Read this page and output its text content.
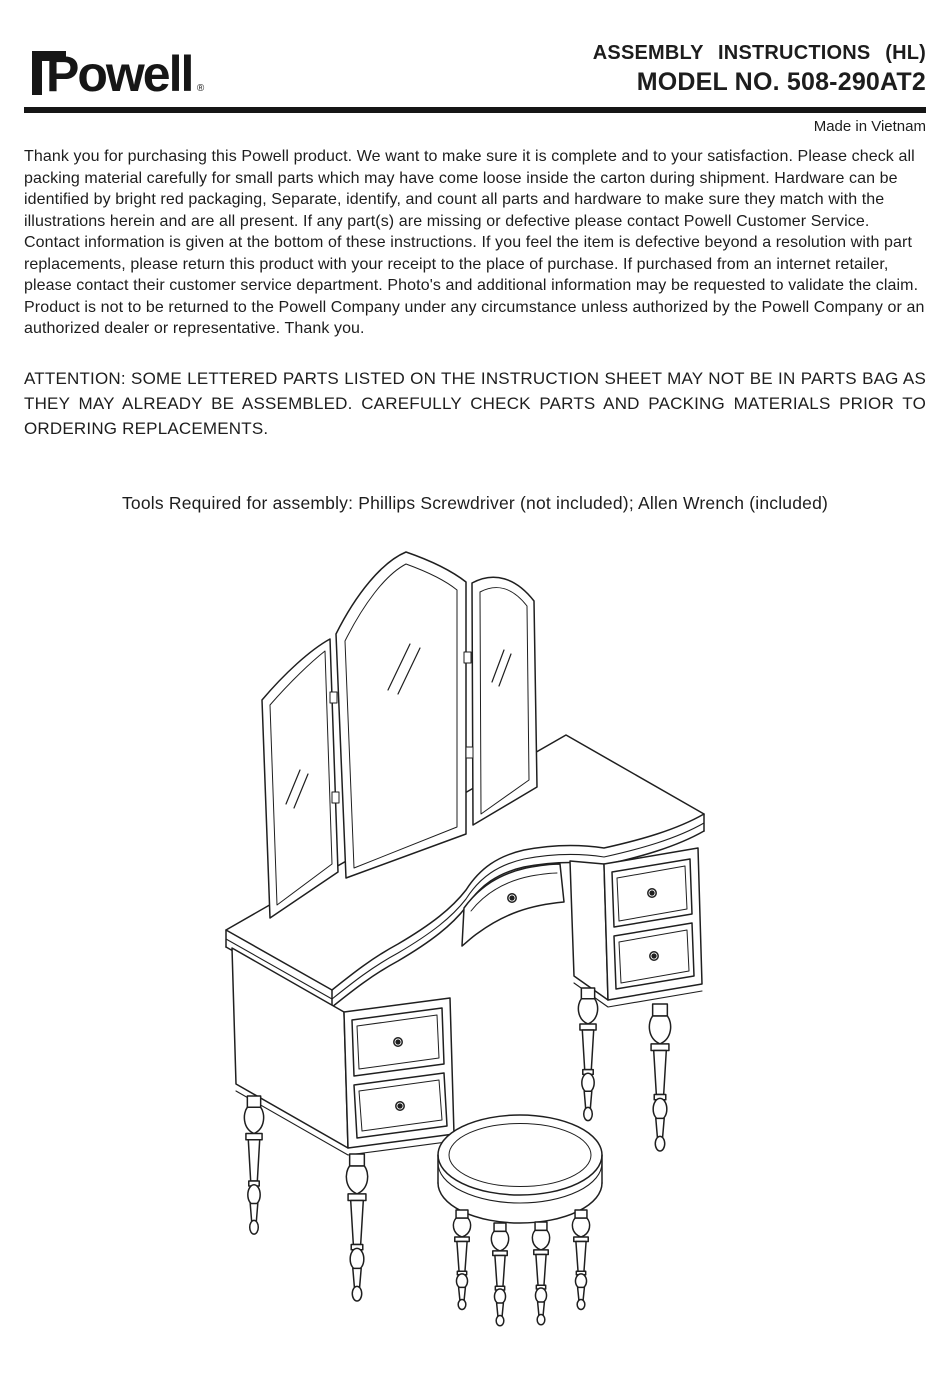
Powell ®
ASSEMBLY INSTRUCTIONS (HL)
MODEL NO. 508-290AT2
Made in Vietnam

Thank you for purchasing this Powell product. We want to make sure it is complete and to your satisfaction. Please check all packing material carefully for small parts which may have come loose inside the carton during shipment. Hardware can be identified by bright red packaging, Separate, identify, and count all parts and hardware to make sure they match with the illustrations herein and are all present. If any part(s) are missing or defective please contact Powell Customer Service. Contact information is given at the bottom of these instructions. If you feel the item is defective beyond a resolution with part replacements, please return this product with your receipt to the place of purchase. If purchased from an internet retailer, please contact their customer service department. Photo's and additional information may be requested to validate the claim. Product is not to be returned to the Powell Company under any circumstance unless authorized by the Powell Company or an authorized dealer or representative. Thank you.

ATTENTION: SOME LETTERED PARTS LISTED ON THE INSTRUCTION SHEET MAY NOT BE IN PARTS BAG AS THEY MAY ALREADY BE ASSEMBLED. CAREFULLY CHECK PARTS AND PACKING MATERIALS PRIOR TO ORDERING REPLACEMENTS.

Tools Required for assembly: Phillips Screwdriver (not included); Allen Wrench (included)
